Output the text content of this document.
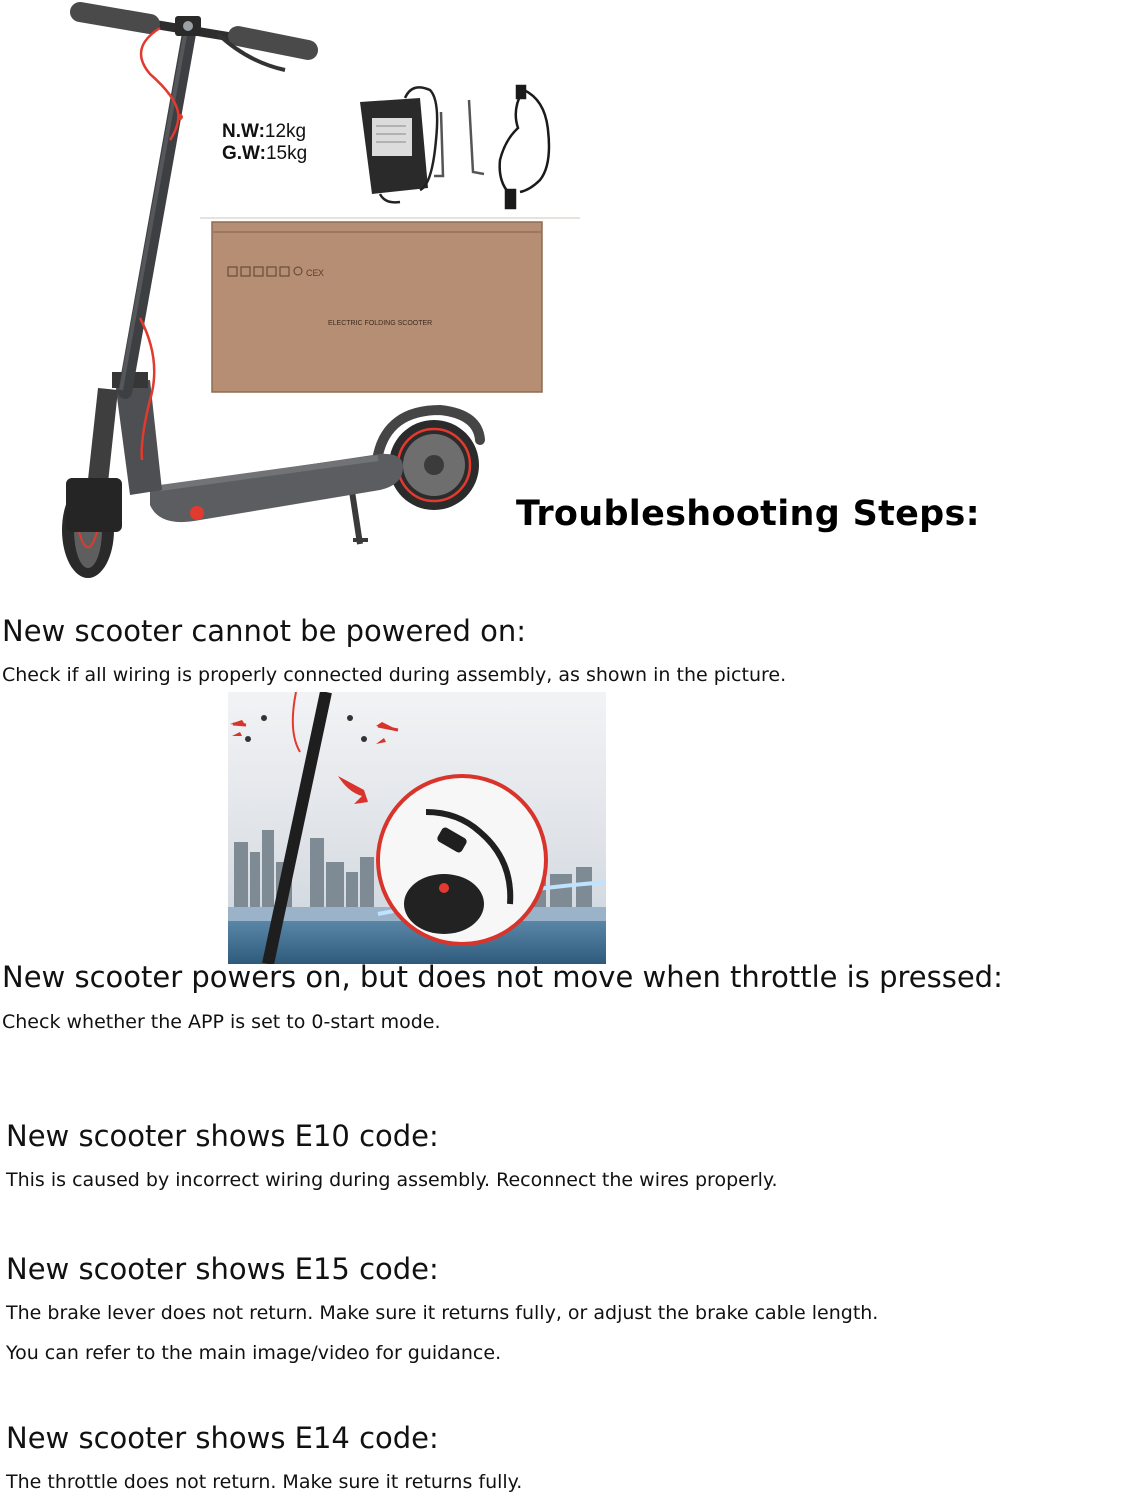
CE X
ELECTRIC FOLDING SCOOTER
N.W:12kg
G.W:15kg
Troubleshooting Steps:
New scooter cannot be powered on:
Check if all wiring is properly connected during assembly, as shown in the picture.
New scooter powers on, but does not move when throttle is pressed:
Check whether the APP is set to 0-start mode.
New scooter shows E10 code:
This is caused by incorrect wiring during assembly. Reconnect the wires properly.
New scooter shows E15 code:
The brake lever does not return. Make sure it returns fully, or adjust the brake cable length.
You can refer to the main image/video for guidance.
New scooter shows E14 code:
The throttle does not return. Make sure it returns fully.
